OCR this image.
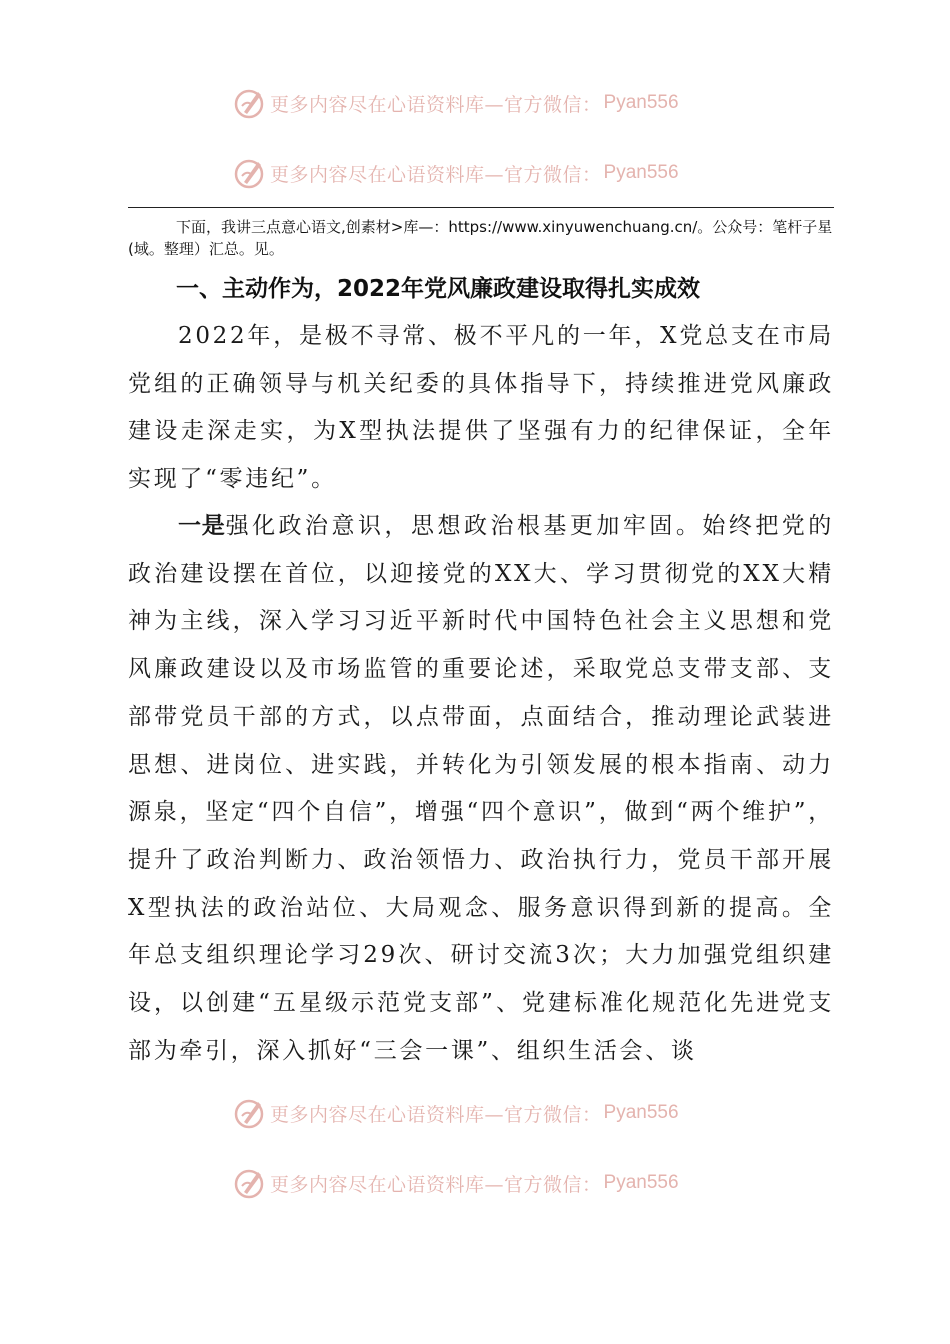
更多内容尽在心语资料库—官方微信： Pyan556
更多内容尽在心语资料库—官方微信： Pyan556

下面，我讲三点意心语文,创素材>库—：https://www.xinyuwenchuang.cn/。公众号：笔杆子星(域。整理）汇总。见。

一、主动作为，2022年党风廉政建设取得扎实成效

2022年，是极不寻常、极不平凡的一年，X党总支在市局党组的正确领导与机关纪委的具体指导下，持续推进党风廉政建设走深走实，为X型执法提供了坚强有力的纪律保证，全年实现了“零违纪”。

一是强化政治意识，思想政治根基更加牢固。始终把党的政治建设摆在首位，以迎接党的XX大、学习贯彻党的XX大精神为主线，深入学习习近平新时代中国特色社会主义思想和党风廉政建设以及市场监管的重要论述，采取党总支带支部、支部带党员干部的方式，以点带面，点面结合，推动理论武装进思想、进岗位、进实践，并转化为引领发展的根本指南、动力源泉，坚定“四个自信”，增强“四个意识”，做到“两个维护”，提升了政治判断力、政治领悟力、政治执行力，党员干部开展X型执法的政治站位、大局观念、服务意识得到新的提高。全年总支组织理论学习29次、研讨交流3次；大力加强党组织建设，以创建“五星级示范党支部”、党建标准化规范化先进党支部为牵引，深入抓好“三会一课”、组织生活会、谈

更多内容尽在心语资料库—官方微信： Pyan556
更多内容尽在心语资料库—官方微信： Pyan556
